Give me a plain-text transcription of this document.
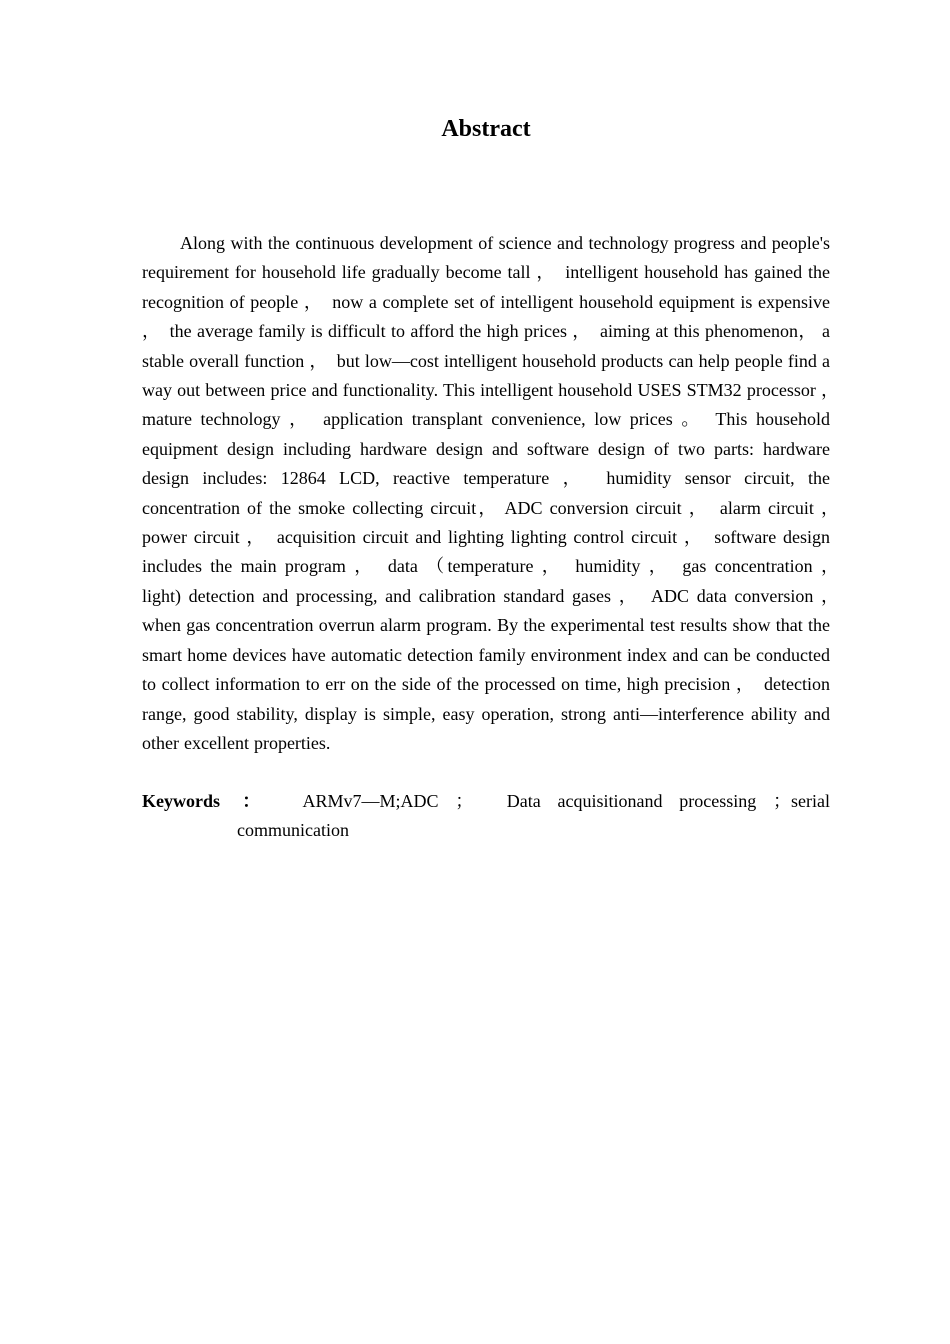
Abstract

Along with the continuous development of science and technology progress and people's requirement for household life gradually become tall ，　intelligent household has gained the recognition of people ，　now a complete set of intelligent household equipment is expensive ，　the average family is difficult to afford the high prices ，　aiming at this phenomenon， a stable overall function ，　but low—cost intelligent household products can help people find a way out between price and functionality. This intelligent household USES STM32 processor ，　mature technology ，　application transplant convenience, low prices 。　This household equipment design including hardware design and software design of two parts: hardware design includes: 12864 LCD, reactive temperature ，　humidity sensor circuit, the concentration of the smoke collecting circuit， ADC conversion circuit ，　alarm circuit ，　power circuit ，　acquisition circuit and lighting lighting control circuit ，　software design includes the main program ，　data （temperature ，　humidity ，　gas concentration ，　light) detection and processing, and calibration standard gases ，　ADC data conversion ，　when gas concentration overrun alarm program. By the experimental test results show that the smart home devices have automatic detection family environment index and can be conducted to collect information to err on the side of the processed on time, high precision ，　detection range, good stability, display is simple, easy operation, strong anti—interference ability and other excellent properties.

Keywords ： ARMv7—M;ADC ；　Data acquisitionand processing ；serial communication
